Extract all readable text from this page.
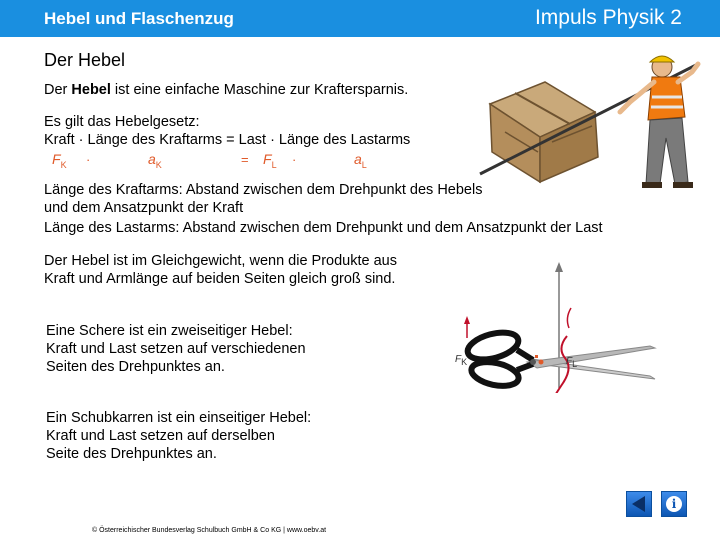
Hebel und Flaschenzug	Impuls Physik 2
Der Hebel
Der Hebel ist eine einfache Maschine zur Kraftersparnis.
Es gilt das Hebelgesetz:
Kraft · Länge des Kraftarms = Last · Länge des Lastarms
$F_K$ ·	$a_K$	= $F_L$ ·	$a_L$
Länge des Kraftarms: Abstand zwischen dem Drehpunkt des Hebels
und dem Ansatzpunkt der Kraft
Länge des Lastarms: Abstand zwischen dem Drehpunkt und dem Ansatzpunkt der Last
Der Hebel ist im Gleichgewicht, wenn die Produkte aus
Kraft und Armlänge auf beiden Seiten gleich groß sind.
Eine Schere ist ein zweiseitiger Hebel:
Kraft und Last setzen auf verschiedenen
Seiten des Drehpunktes an.
Ein Schubkarren ist ein einseitiger Hebel:
Kraft und Last setzen auf derselben
Seite des Drehpunktes an.
$F_K$	$F_L$
© Österreichischer Bundesverlag Schulbuch GmbH & Co KG | www.oebv.at
i
